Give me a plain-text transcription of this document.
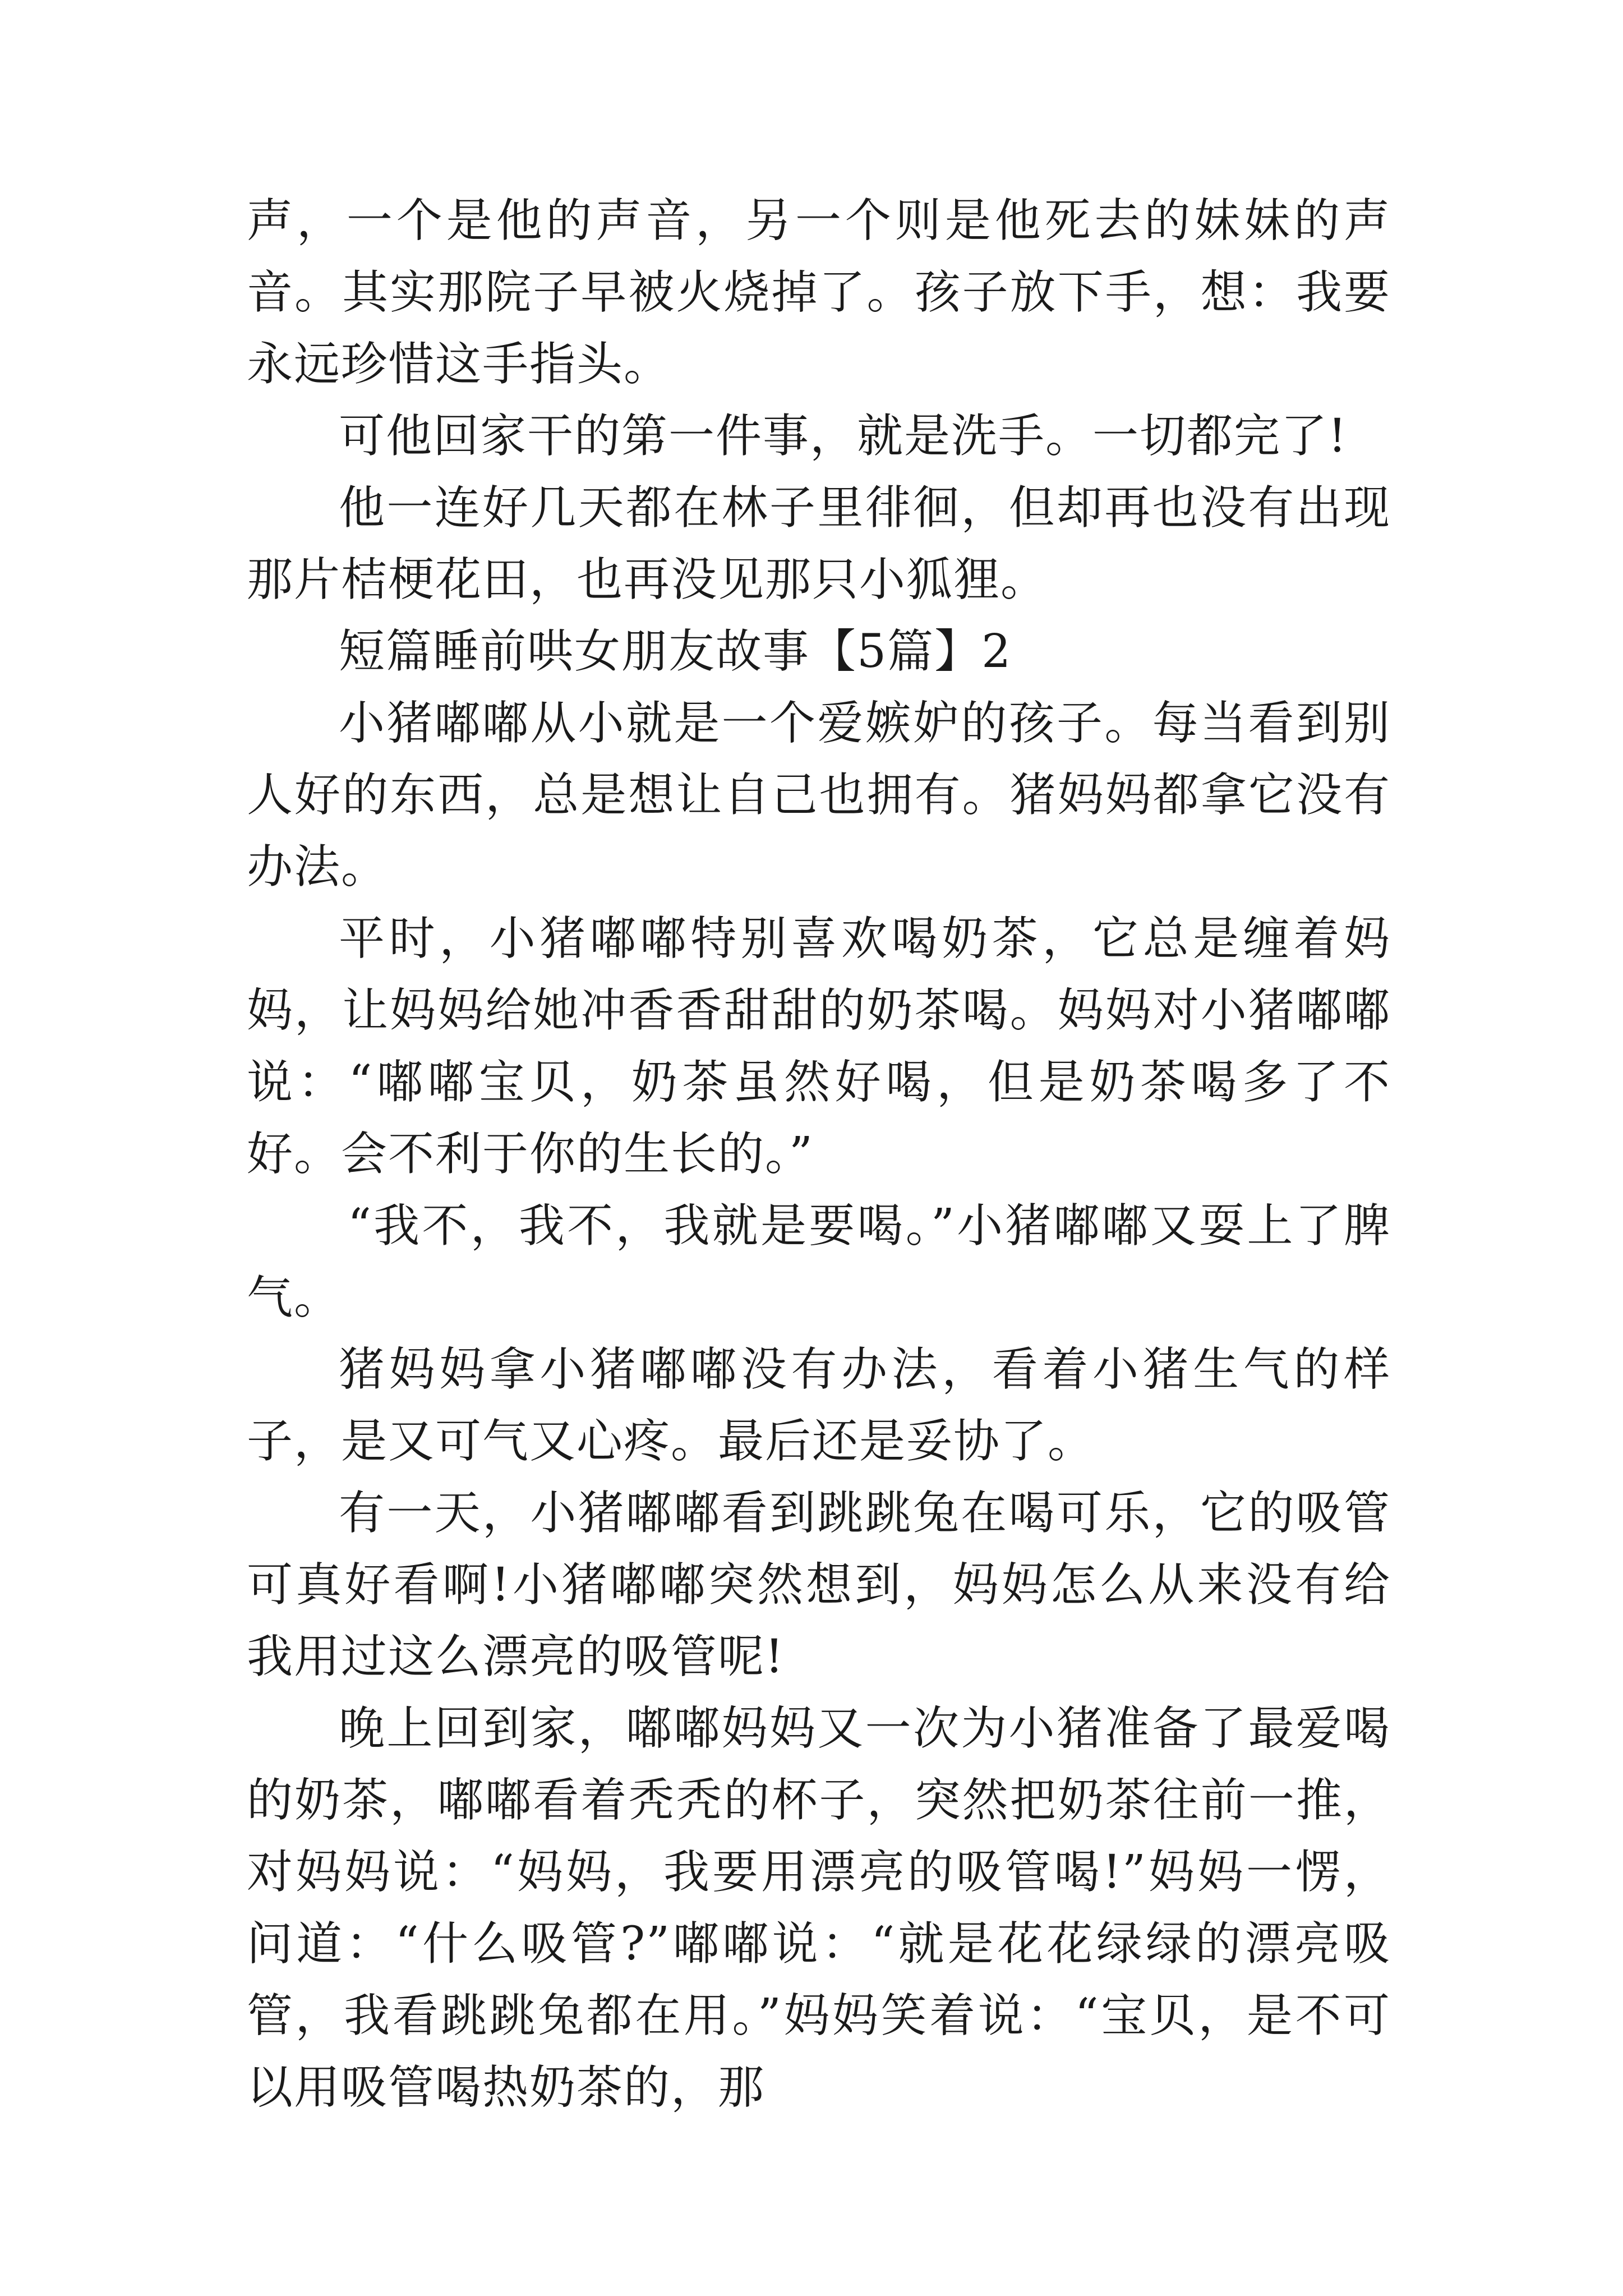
声，一个是他的声音，另一个则是他死去的妹妹的声音。其实那院子早被火烧掉了。孩子放下手，想：我要永远珍惜这手指头。

可他回家干的第一件事，就是洗手。一切都完了!

他一连好几天都在林子里徘徊，但却再也没有出现那片桔梗花田，也再没见那只小狐狸。

短篇睡前哄女朋友故事【5篇】2

小猪嘟嘟从小就是一个爱嫉妒的孩子。每当看到别人好的东西，总是想让自己也拥有。猪妈妈都拿它没有办法。

平时，小猪嘟嘟特别喜欢喝奶茶，它总是缠着妈妈，让妈妈给她冲香香甜甜的奶茶喝。妈妈对小猪嘟嘟说：“嘟嘟宝贝，奶茶虽然好喝，但是奶茶喝多了不好。会不利于你的生长的。”

“我不，我不，我就是要喝。”小猪嘟嘟又耍上了脾气。

猪妈妈拿小猪嘟嘟没有办法，看着小猪生气的样子，是又可气又心疼。最后还是妥协了。

有一天，小猪嘟嘟看到跳跳兔在喝可乐，它的吸管可真好看啊!小猪嘟嘟突然想到，妈妈怎么从来没有给我用过这么漂亮的吸管呢!

晚上回到家，嘟嘟妈妈又一次为小猪准备了最爱喝的奶茶，嘟嘟看着秃秃的杯子，突然把奶茶往前一推，对妈妈说：“妈妈，我要用漂亮的吸管喝!”妈妈一愣，问道：“什么吸管?”嘟嘟说：“就是花花绿绿的漂亮吸管，我看跳跳兔都在用。”妈妈笑着说：“宝贝，是不可以用吸管喝热奶茶的，那
